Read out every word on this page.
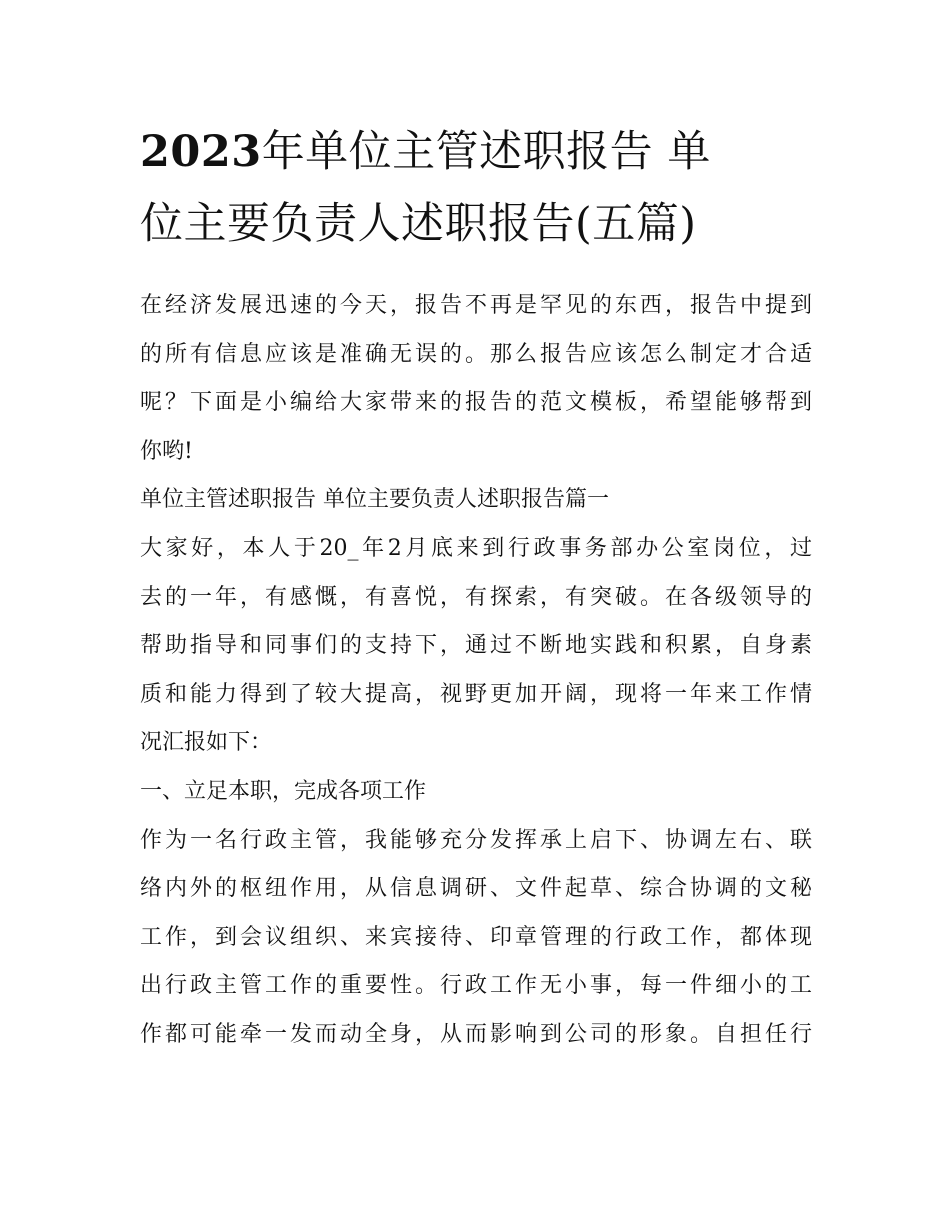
2023年单位主管述职报告 单
位主要负责人述职报告(五篇)

在经济发展迅速的今天，报告不再是罕见的东西，报告中提到
的所有信息应该是准确无误的。那么报告应该怎么制定才合适
呢？下面是小编给大家带来的报告的范文模板，希望能够帮到
你哟!

单位主管述职报告 单位主要负责人述职报告篇一

大家好，本人于20_年2月底来到行政事务部办公室岗位，过
去的一年，有感慨，有喜悦，有探索，有突破。在各级领导的
帮助指导和同事们的支持下，通过不断地实践和积累，自身素
质和能力得到了较大提高，视野更加开阔，现将一年来工作情
况汇报如下：

一、立足本职，完成各项工作

作为一名行政主管，我能够充分发挥承上启下、协调左右、联
络内外的枢纽作用，从信息调研、文件起草、综合协调的文秘
工作，到会议组织、来宾接待、印章管理的行政工作，都体现
出行政主管工作的重要性。行政工作无小事，每一件细小的工
作都可能牵一发而动全身，从而影响到公司的形象。自担任行
